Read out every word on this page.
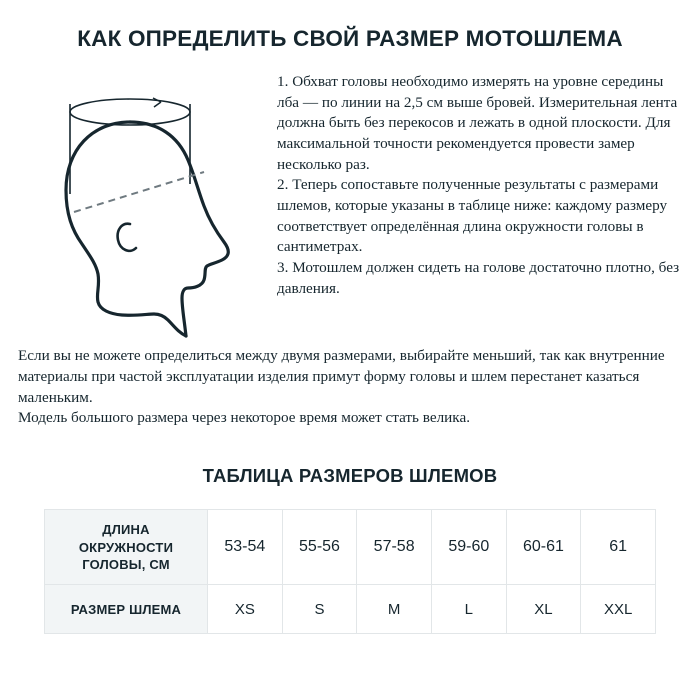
КАК ОПРЕДЕЛИТЬ СВОЙ РАЗМЕР МОТОШЛЕМА

1. Обхват головы необходимо измерять на уровне середины лба — по линии на 2,5 см выше бровей. Измерительная лента должна быть без перекосов и лежать в одной плоскости. Для максимальной точности рекомендуется провести замер несколько раз.

2. Теперь сопоставьте полученные результаты с размерами шлемов, которые указаны в таблице ниже: каждому размеру соответствует определённая длина окружности головы в сантиметрах.

3. Мотошлем должен сидеть на голове достаточно плотно, без давления.

Если вы не можете определиться между двумя размерами, выбирайте меньший, так как внутренние материалы при частой эксплуатации изделия примут форму головы и шлем перестанет казаться маленьким.

Модель большого размера через некоторое время может стать велика.

ТАБЛИЦА РАЗМЕРОВ ШЛЕМОВ
ДЛИНА
ОКРУЖНОСТИ
ГОЛОВЫ, СМ	53-54	55-56	57-58	59-60	60-61	61

РАЗМЕР ШЛЕМА	XS	S	M	L	XL	XXL
